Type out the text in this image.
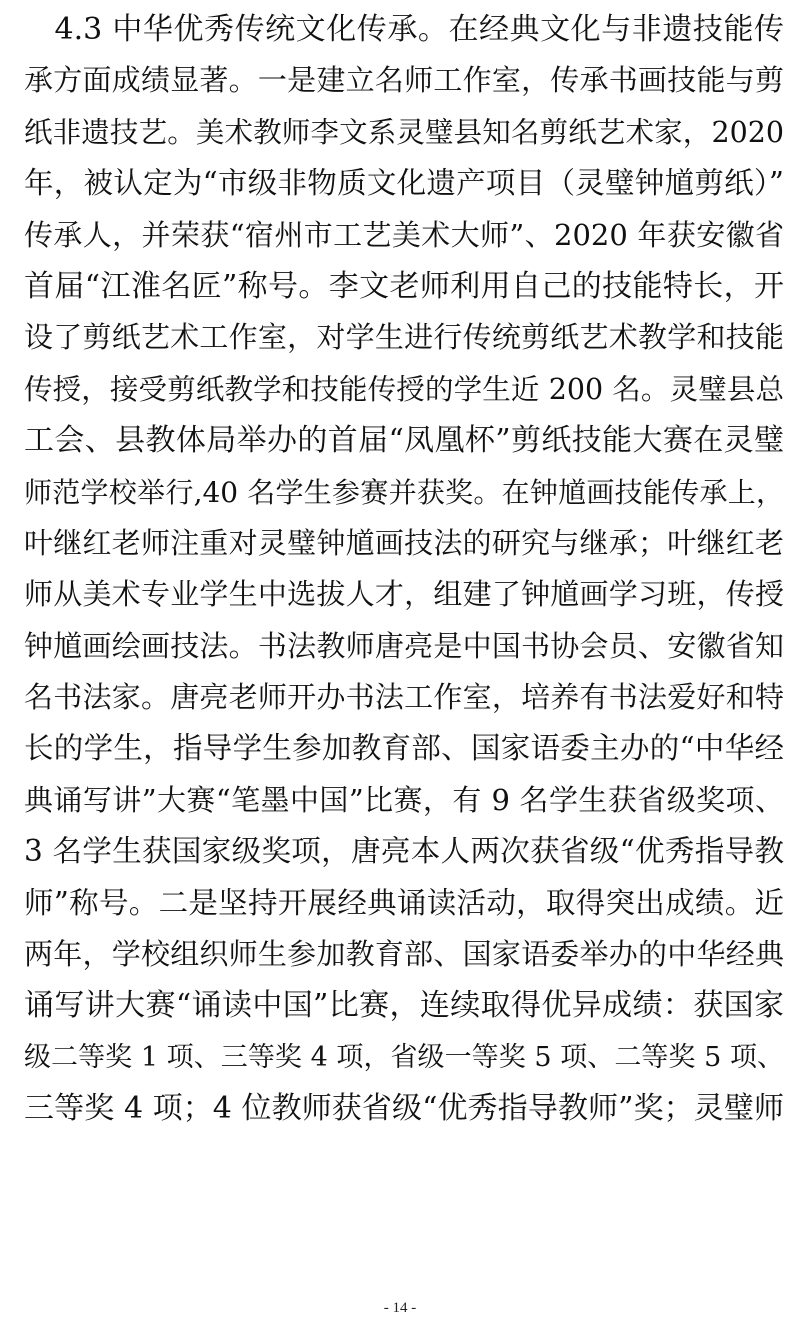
　4.3 中华优秀传统文化传承。在经典文化与非遗技能传
承方面成绩显著。一是建立名师工作室，传承书画技能与剪
纸非遗技艺。美术教师李文系灵璧县知名剪纸艺术家，2020
年，被认定为“市级非物质文化遗产项目（灵璧钟馗剪纸）”
传承人，并荣获“宿州市工艺美术大师”、2020 年获安徽省
首届“江淮名匠”称号。李文老师利用自己的技能特长，开
设了剪纸艺术工作室，对学生进行传统剪纸艺术教学和技能
传授，接受剪纸教学和技能传授的学生近 200 名。灵璧县总
工会、县教体局举办的首届“凤凰杯”剪纸技能大赛在灵璧
师范学校举行,40 名学生参赛并获奖。在钟馗画技能传承上，
叶继红老师注重对灵璧钟馗画技法的研究与继承；叶继红老
师从美术专业学生中选拔人才，组建了钟馗画学习班，传授
钟馗画绘画技法。书法教师唐亮是中国书协会员、安徽省知
名书法家。唐亮老师开办书法工作室，培养有书法爱好和特
长的学生，指导学生参加教育部、国家语委主办的“中华经
典诵写讲”大赛“笔墨中国”比赛，有 9 名学生获省级奖项、
3 名学生获国家级奖项，唐亮本人两次获省级“优秀指导教
师”称号。二是坚持开展经典诵读活动，取得突出成绩。近
两年，学校组织师生参加教育部、国家语委举办的中华经典
诵写讲大赛“诵读中国”比赛，连续取得优异成绩：获国家
级二等奖 1 项、三等奖 4 项，省级一等奖 5 项、二等奖 5 项、
三等奖 4 项；4 位教师获省级“优秀指导教师”奖；灵璧师
- 14 -
